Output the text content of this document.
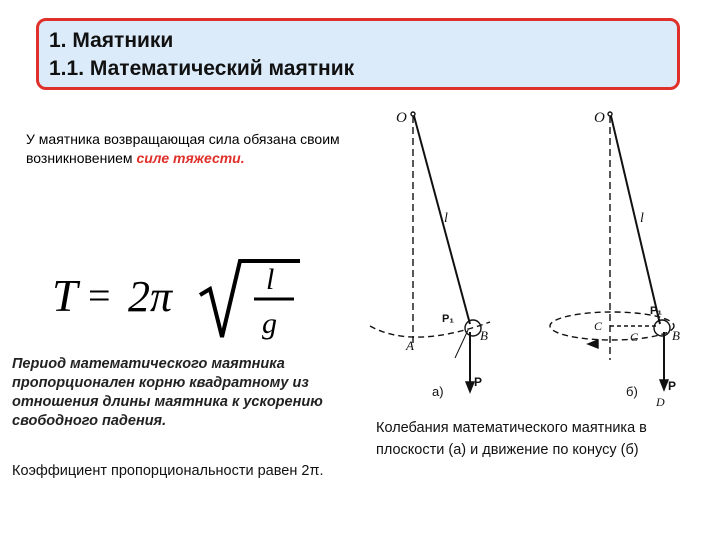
1. Маятники
1.1. Математический маятник
У маятника возвращающая сила обязана своим возникновением силе тяжести.
T = 2π	l
g
Период математического маятника пропорционален корню квадратному из отношения длины маятника к ускорению свободного падения.
Коэффициент пропорциональности равен 2π.
O
l
P₁
B
A
P
а)
O
l
P₁
B
C
C
P
D
б)
Колебания математического маятника в плоскости (а) и движение по конусу (б)
